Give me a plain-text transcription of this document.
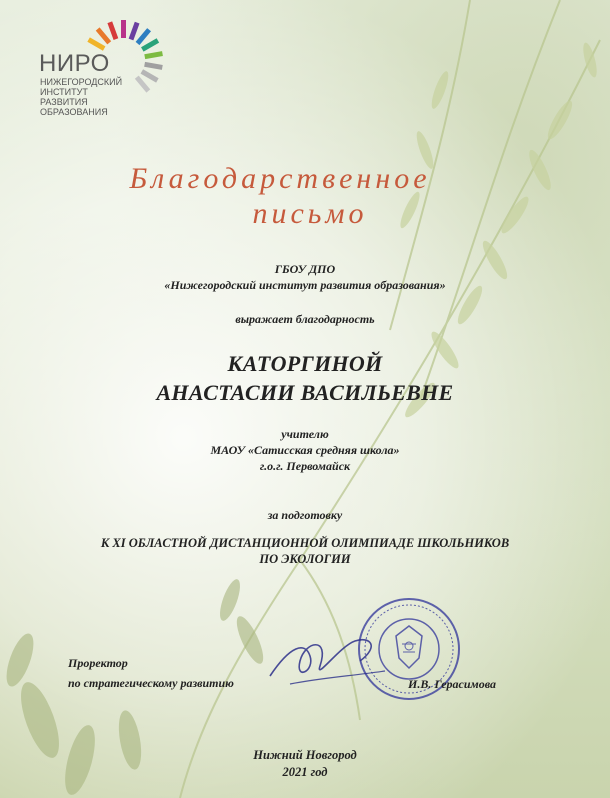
НИРО
НИЖЕГОРОДСКИЙ
ИНСТИТУТ
РАЗВИТИЯ
ОБРАЗОВАНИЯ
Благодарственное
письмо
ГБОУ ДПО
«Нижегородский институт развития образования»
выражает благодарность
КАТОРГИНОЙ
АНАСТАСИИ ВАСИЛЬЕВНЕ
учителю
МАОУ «Сатисская средняя школа»
г.о.г. Первомайск
за подготовку
К XI ОБЛАСТНОЙ ДИСТАНЦИОННОЙ ОЛИМПИАДЕ ШКОЛЬНИКОВ
ПО ЭКОЛОГИИ
Проректор
по стратегическому развитию	И.В. Герасимова
Нижний Новгород
2021 год
